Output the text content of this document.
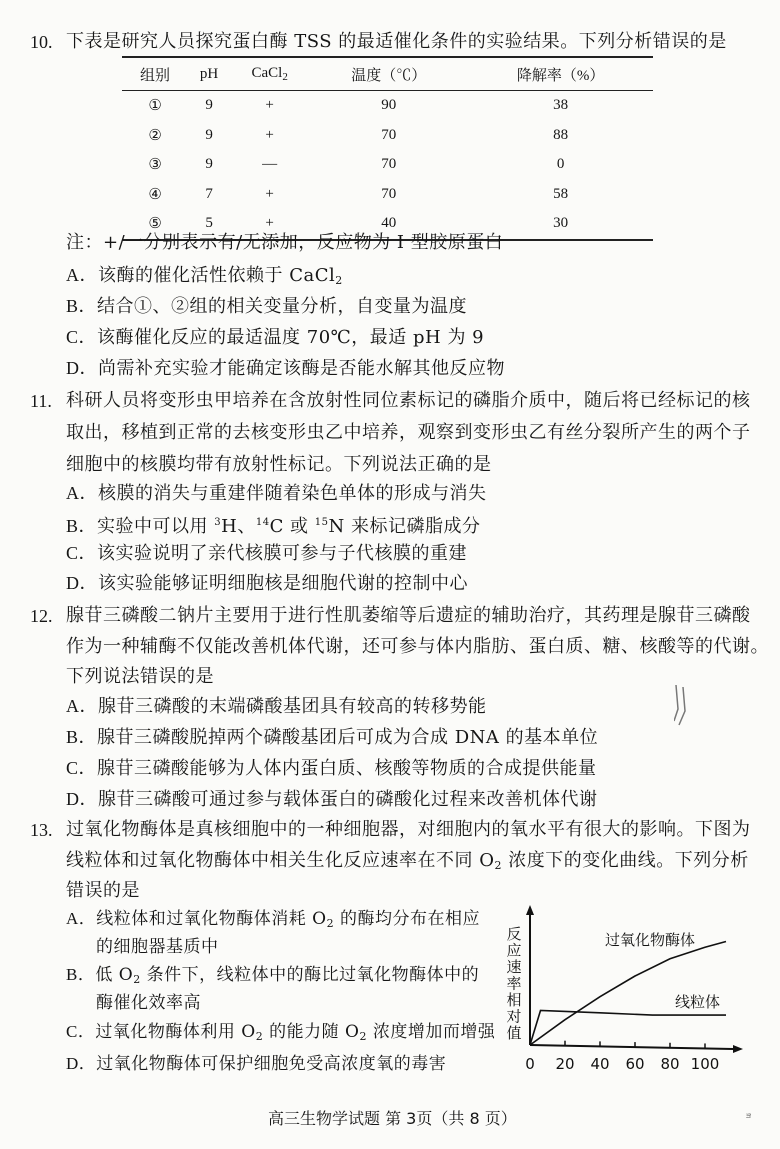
10. 下表是研究人员探究蛋白酶 TSS 的最适催化条件的实验结果。下列分析错误的是
组别	pH	CaCl$_2$	温度（℃）	降解率（%）
①	9	+	90	38
②	9	+	70	88
③	9	—	70	0
④	7	+	70	58
⑤	5	+	40	30
注：+/一分别表示有/无添加，反应物为 I 型胶原蛋白
A．该酶的催化活性依赖于 CaCl$_2$
B．结合①、②组的相关变量分析，自变量为温度
C．该酶催化反应的最适温度 70℃，最适 pH 为 9
D．尚需补充实验才能确定该酶是否能水解其他反应物
11. 科研人员将变形虫甲培养在含放射性同位素标记的磷脂介质中，随后将已经标记的核
取出，移植到正常的去核变形虫乙中培养，观察到变形虫乙有丝分裂所产生的两个子
细胞中的核膜均带有放射性标记。下列说法正确的是
A．核膜的消失与重建伴随着染色单体的形成与消失
B．实验中可以用 $^3$H、$^{14}$C 或 $^{15}$N 来标记磷脂成分
C．该实验说明了亲代核膜可参与子代核膜的重建
D．该实验能够证明细胞核是细胞代谢的控制中心
12. 腺苷三磷酸二钠片主要用于进行性肌萎缩等后遗症的辅助治疗，其药理是腺苷三磷酸
作为一种辅酶不仅能改善机体代谢，还可参与体内脂肪、蛋白质、糖、核酸等的代谢。
下列说法错误的是
A．腺苷三磷酸的末端磷酸基团具有较高的转移势能
B．腺苷三磷酸脱掉两个磷酸基团后可成为合成 DNA 的基本单位
C．腺苷三磷酸能够为人体内蛋白质、核酸等物质的合成提供能量
D．腺苷三磷酸可通过参与载体蛋白的磷酸化过程来改善机体代谢
13. 过氧化物酶体是真核细胞中的一种细胞器，对细胞内的氧水平有很大的影响。下图为
线粒体和过氧化物酶体中相关生化反应速率在不同 $O_2$ 浓度下的变化曲线。下列分析
错误的是
A．线粒体和过氧化物酶体消耗 $O_2$ 的酶均分布在相应
的细胞器基质中
B．低 $O_2$ 条件下，线粒体中的酶比过氧化物酶体中的
酶催化效率高
C．过氧化物酶体利用 $O_2$ 的能力随 $O_2$ 浓度增加而增强
D．过氧化物酶体可保护细胞免受高浓度氧的毒害
反
应
速
率
相
对
值
0 20 40 60 80 100
过氧化物酶体
线粒体
高三生物学试题 第 3页（共 8 页）	ョ
